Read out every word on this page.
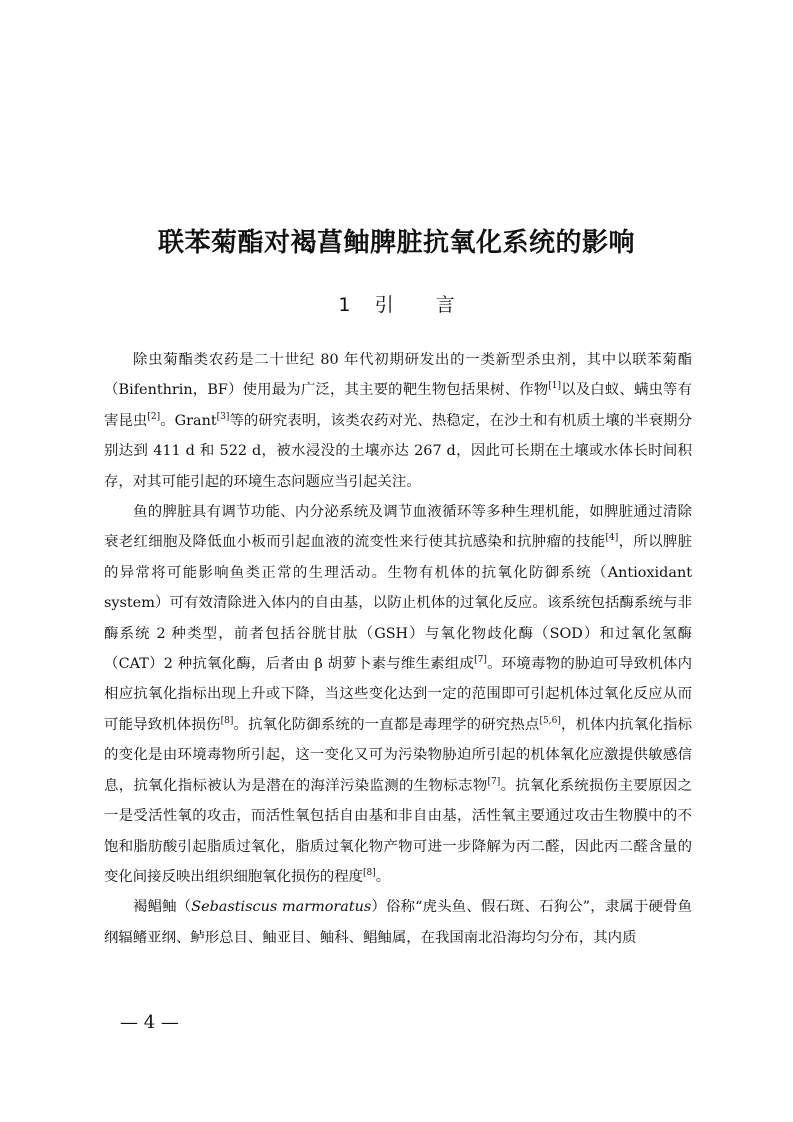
联苯菊酯对褐菖鲉脾脏抗氧化系统的影响
1 引言

除虫菊酯类农药是二十世纪 80 年代初期研发出的一类新型杀虫剂，其中以联苯菊酯（Bifenthrin，BF）使用最为广泛，其主要的靶生物包括果树、作物[1]以及白蚁、螨虫等有害昆虫[2]。Grant[3]等的研究表明，该类农药对光、热稳定，在沙土和有机质土壤的半衰期分别达到 411 d 和 522 d，被水浸没的土壤亦达 267 d，因此可长期在土壤或水体长时间积存，对其可能引起的环境生态问题应当引起关注。

鱼的脾脏具有调节功能、内分泌系统及调节血液循环等多种生理机能，如脾脏通过清除衰老红细胞及降低血小板而引起血液的流变性来行使其抗感染和抗肿瘤的技能[4]，所以脾脏的异常将可能影响鱼类正常的生理活动。生物有机体的抗氧化防御系统（Antioxidant system）可有效清除进入体内的自由基，以防止机体的过氧化反应。该系统包括酶系统与非酶系统 2 种类型，前者包括谷胱甘肽（GSH）与氧化物歧化酶（SOD）和过氧化氢酶（CAT）2 种抗氧化酶，后者由 β 胡萝卜素与维生素组成[7]。环境毒物的胁迫可导致机体内相应抗氧化指标出现上升或下降，当这些变化达到一定的范围即可引起机体过氧化反应从而可能导致机体损伤[8]。抗氧化防御系统的一直都是毒理学的研究热点[5,6]，机体内抗氧化指标的变化是由环境毒物所引起，这一变化又可为污染物胁迫所引起的机体氧化应激提供敏感信息，抗氧化指标被认为是潜在的海洋污染监测的生物标志物[7]。抗氧化系统损伤主要原因之一是受活性氧的攻击，而活性氧包括自由基和非自由基，活性氧主要通过攻击生物膜中的不饱和脂肪酸引起脂质过氧化，脂质过氧化物产物可进一步降解为丙二醛，因此丙二醛含量的变化间接反映出组织细胞氧化损伤的程度[8]。

褐鲳鲉（Sebastiscus marmoratus）俗称“虎头鱼、假石斑、石狗公”，隶属于硬骨鱼纲辐鳍亚纲、鲈形总目、鲉亚目、鲉科、鲳鲉属，在我国南北沿海均匀分布，其内质

— 4 —
